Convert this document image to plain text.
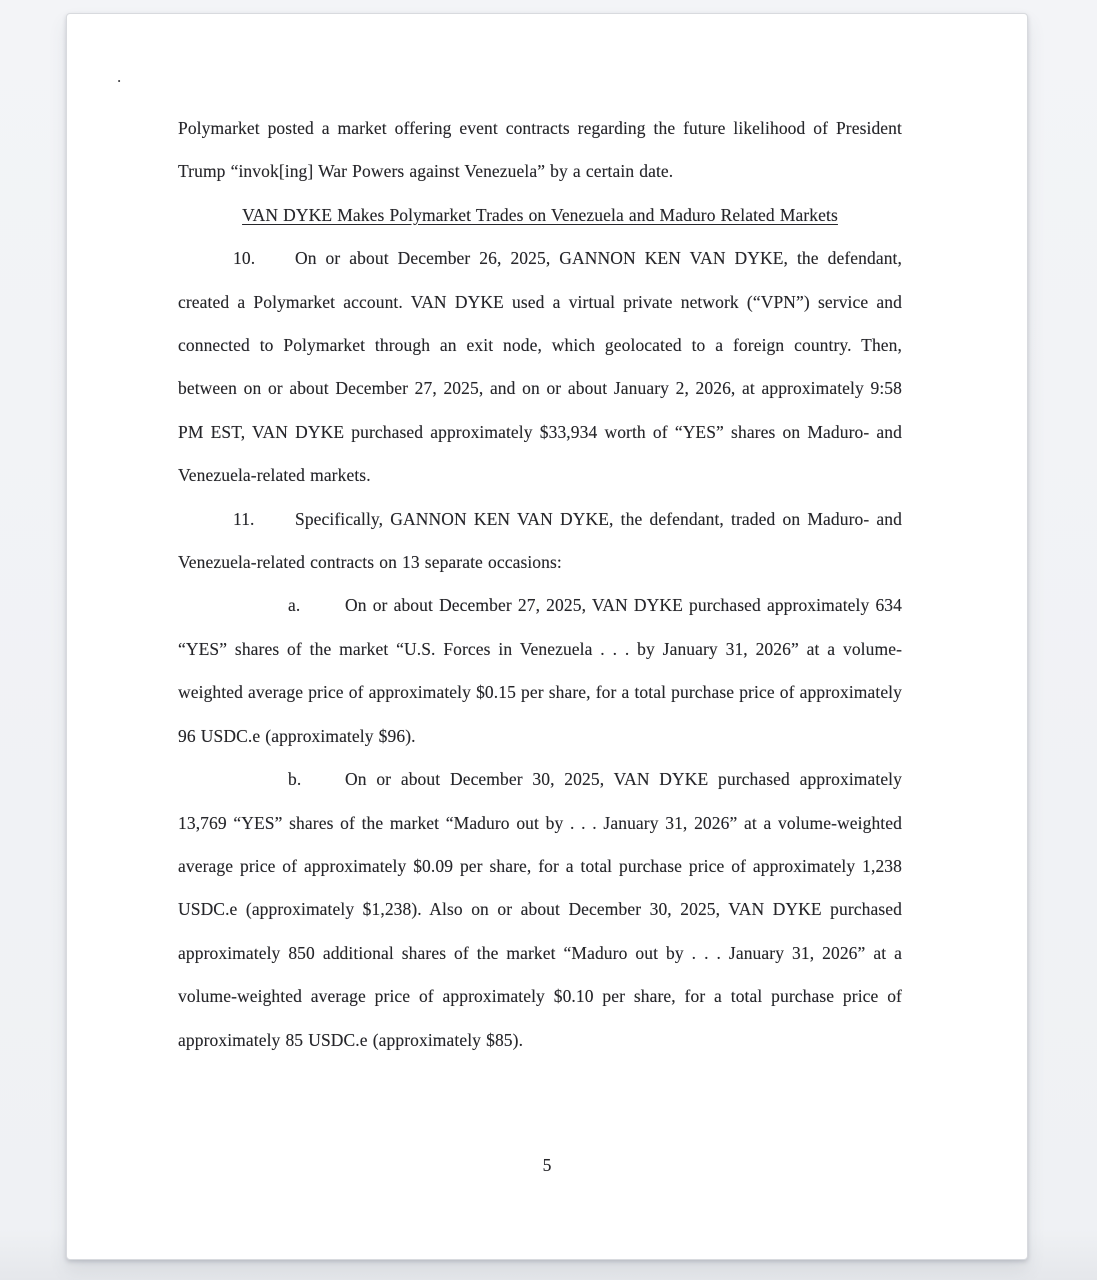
.

Polymarket posted a market offering event contracts regarding the future likelihood of President Trump “invok[ing] War Powers against Venezuela” by a certain date.

VAN DYKE Makes Polymarket Trades on Venezuela and Maduro Related Markets

10. On or about December 26, 2025, GANNON KEN VAN DYKE, the defendant, created a Polymarket account. VAN DYKE used a virtual private network (“VPN”) service and connected to Polymarket through an exit node, which geolocated to a foreign country. Then, between on or about December 27, 2025, and on or about January 2, 2026, at approximately 9:58 PM EST, VAN DYKE purchased approximately $33,934 worth of “YES” shares on Maduro- and Venezuela-related markets.

11. Specifically, GANNON KEN VAN DYKE, the defendant, traded on Maduro- and Venezuela-related contracts on 13 separate occasions:

a.	On or about December 27, 2025, VAN DYKE purchased approximately 634 “YES” shares of the market “U.S. Forces in Venezuela . . . by January 31, 2026” at a volume-weighted average price of approximately $0.15 per share, for a total purchase price of approximately 96 USDC.e (approximately $96).

b. On or about December 30, 2025, VAN DYKE purchased approximately 13,769 “YES” shares of the market “Maduro out by . . . January 31, 2026” at a volume-weighted average price of approximately $0.09 per share, for a total purchase price of approximately 1,238 USDC.e (approximately $1,238). Also on or about December 30, 2025, VAN DYKE purchased approximately 850 additional shares of the market “Maduro out by . . . January 31, 2026” at a volume-weighted average price of approximately $0.10 per share, for a total purchase price of approximately 85 USDC.e (approximately $85).

5
